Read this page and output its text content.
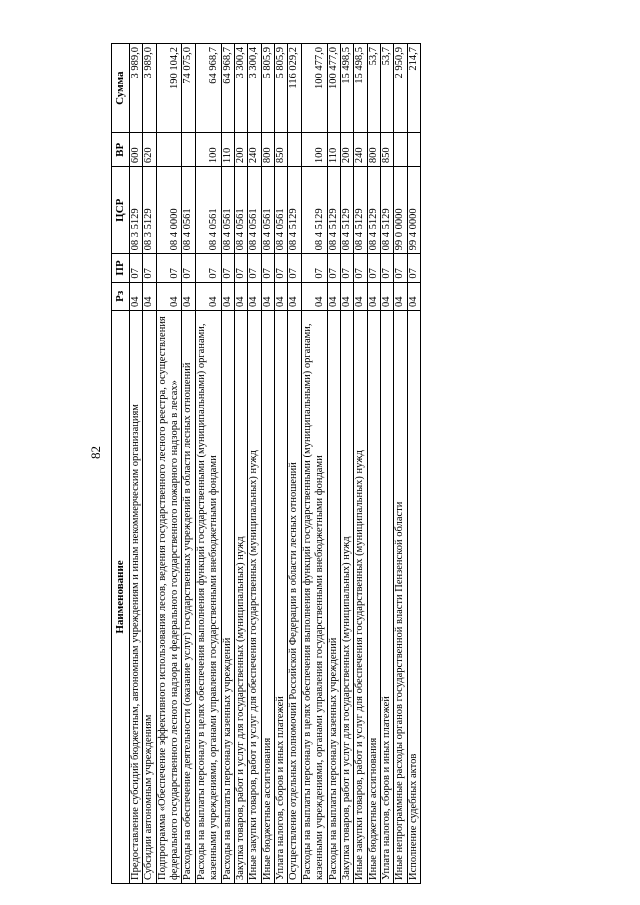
82
Наименование	Рз	ПР	ЦСР	ВР	Сумма
Предоставление субсидий бюджетным, автономным учреждениям и иным некоммерческим организациям	04	07	08 3 5129	600	3 989,0
Субсидии автономным учреждениям	04	07	08 3 5129	620	3 989,0
Подпрограмма «Обеспечение эффективного использования лесов, ведения государственного лесного реестра, осуществления федерального государственного лесного надзора и федерального государственного пожарного надзора в лесах»	04	07	08 4 0000		190 104,2
Расходы на обеспечение деятельности (оказание услуг) государственных учреждений в области лесных отношений	04	07	08 4 0561		74 075,0
Расходы на выплаты персоналу в целях обеспечения выполнения функций государственными (муниципальными) органами, казенными учреждениями, органами управления государственными внебюджетными фондами	04	07	08 4 0561	100	64 968,7
Расходы на выплаты персоналу казенных учреждений	04	07	08 4 0561	110	64 968,7
Закупка товаров, работ и услуг для государственных (муниципальных) нужд	04	07	08 4 0561	200	3 300,4
Иные закупки товаров, работ и услуг для обеспечения государственных (муниципальных) нужд	04	07	08 4 0561	240	3 300,4
Иные бюджетные ассигнования	04	07	08 4 0561	800	5 805,9
Уплата налогов, сборов и иных платежей	04	07	08 4 0561	850	5 805,9
Осуществление отдельных полномочий Российской Федерации в области лесных отношений	04	07	08 4 5129		116 029,2
Расходы на выплаты персоналу в целях обеспечения выполнения функций государственными (муниципальными) органами, казенными учреждениями, органами управления государственными внебюджетными фондами	04	07	08 4 5129	100	100 477,0
Расходы на выплаты персоналу казенных учреждений	04	07	08 4 5129	110	100 477,0
Закупка товаров, работ и услуг для государственных (муниципальных) нужд	04	07	08 4 5129	200	15 498,5
Иные закупки товаров, работ и услуг для обеспечения государственных (муниципальных) нужд	04	07	08 4 5129	240	15 498,5
Иные бюджетные ассигнования	04	07	08 4 5129	800	53,7
Уплата налогов, сборов и иных платежей	04	07	08 4 5129	850	53,7
Иные непрограммные расходы органов государственной власти Пензенской области	04	07	99 0 0000		2 950,9
Исполнение судебных актов	04	07	99 4 0000		214,7
